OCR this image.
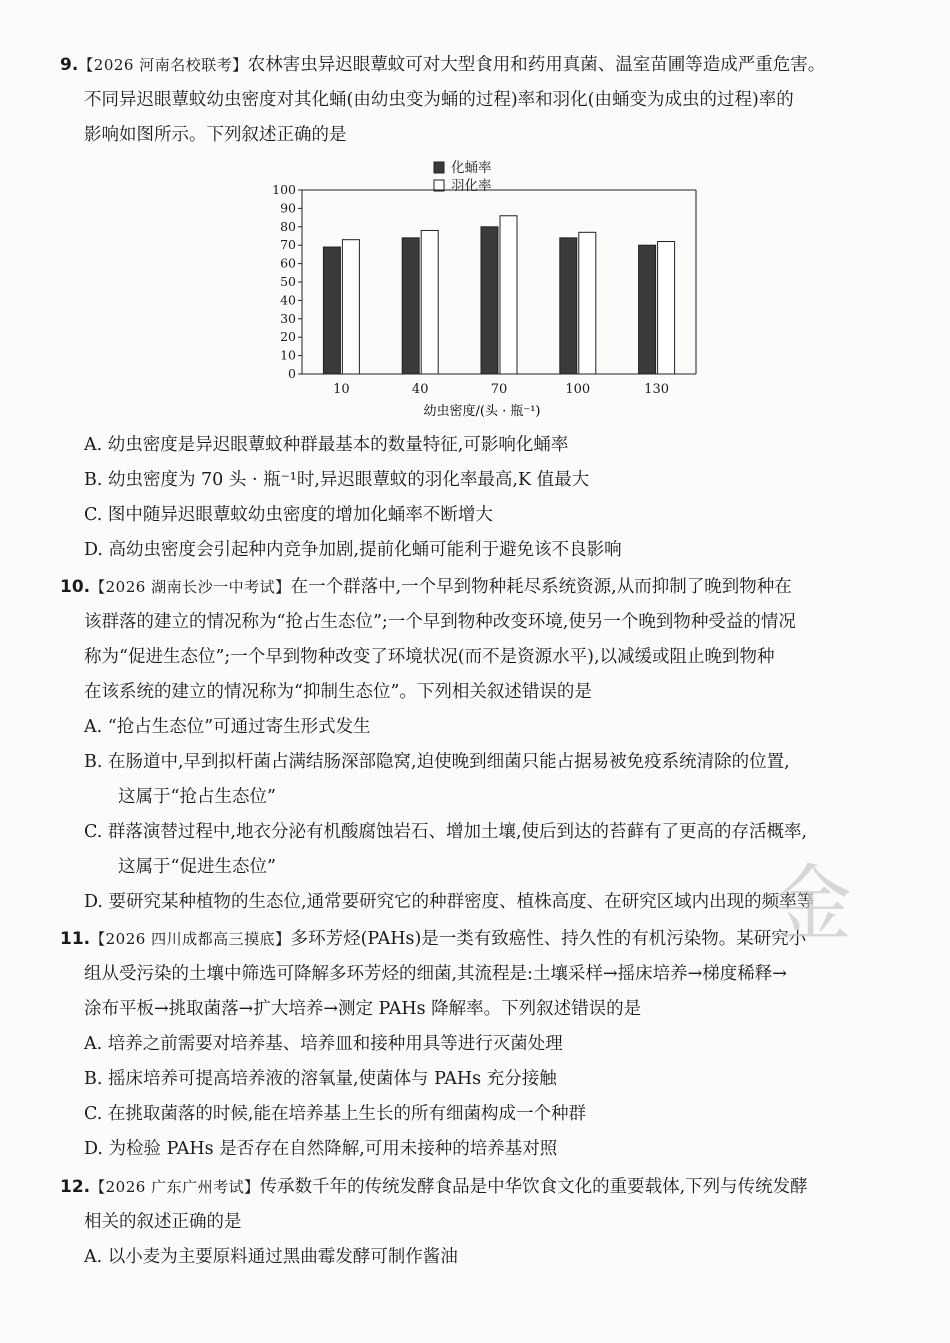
9.【2026 河南名校联考】农林害虫异迟眼蕈蚊可对大型食用和药用真菌、温室苗圃等造成严重危害。
不同异迟眼蕈蚊幼虫密度对其化蛹(由幼虫变为蛹的过程)率和羽化(由蛹变为成虫的过程)率的
影响如图所示。下列叙述正确的是
化蛹率
羽化率
0
10
20
30
40
50
60
70
80
90
100
10	40	70	100	130
幼虫密度/(头 · 瓶⁻¹)
A. 幼虫密度是异迟眼蕈蚊种群最基本的数量特征,可影响化蛹率
B. 幼虫密度为 70 头 · 瓶⁻¹时,异迟眼蕈蚊的羽化率最高,K 值最大
C. 图中随异迟眼蕈蚊幼虫密度的增加化蛹率不断增大
D. 高幼虫密度会引起种内竞争加剧,提前化蛹可能利于避免该不良影响
10.【2026 湖南长沙一中考试】在一个群落中,一个早到物种耗尽系统资源,从而抑制了晚到物种在
该群落的建立的情况称为“抢占生态位”;一个早到物种改变环境,使另一个晚到物种受益的情况
称为“促进生态位”;一个早到物种改变了环境状况(而不是资源水平),以减缓或阻止晚到物种
在该系统的建立的情况称为“抑制生态位”。下列相关叙述错误的是
A. “抢占生态位”可通过寄生形式发生
B. 在肠道中,早到拟杆菌占满结肠深部隐窝,迫使晚到细菌只能占据易被免疫系统清除的位置,
这属于“抢占生态位”
C. 群落演替过程中,地衣分泌有机酸腐蚀岩石、增加土壤,使后到达的苔藓有了更高的存活概率,
这属于“促进生态位”
D. 要研究某种植物的生态位,通常要研究它的种群密度、植株高度、在研究区域内出现的频率等
11.【2026 四川成都高三摸底】多环芳烃(PAHs)是一类有致癌性、持久性的有机污染物。某研究小
组从受污染的土壤中筛选可降解多环芳烃的细菌,其流程是:土壤采样→摇床培养→梯度稀释→
涂布平板→挑取菌落→扩大培养→测定 PAHs 降解率。下列叙述错误的是
A. 培养之前需要对培养基、培养皿和接种用具等进行灭菌处理
B. 摇床培养可提高培养液的溶氧量,使菌体与 PAHs 充分接触
C. 在挑取菌落的时候,能在培养基上生长的所有细菌构成一个种群
D. 为检验 PAHs 是否存在自然降解,可用未接种的培养基对照
12.【2026 广东广州考试】传承数千年的传统发酵食品是中华饮食文化的重要载体,下列与传统发酵
相关的叙述正确的是
A. 以小麦为主要原料通过黑曲霉发酵可制作酱油
金
